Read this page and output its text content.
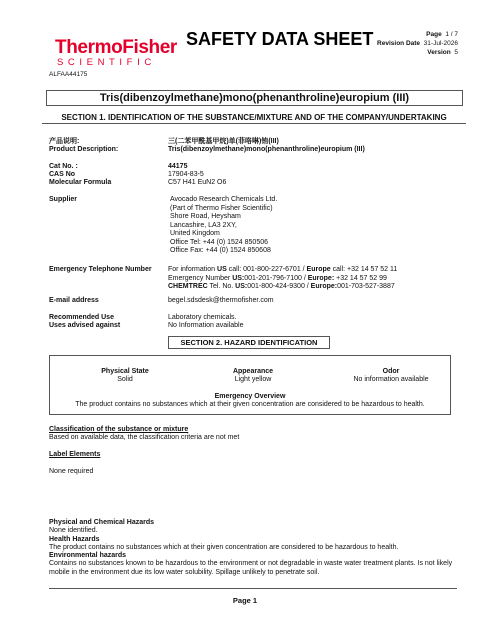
ThermoFisher
SCIENTIFIC
SAFETY DATA SHEET	Page 1 / 7
Revision Date 31-Jul-2026
Version 5
ALFAA44175
Tris(dibenzoylmethane)mono(phenanthroline)europium (III)
SECTION 1. IDENTIFICATION OF THE SUBSTANCE/MIXTURE AND OF THE COMPANY/UNDERTAKING
产品说明:	三(二苯甲酰基甲烷)单(菲咯啉)铕(III)
Product Description:	Tris(dibenzoylmethane)mono(phenanthroline)europium (III)
Cat No. :	44175
CAS No	17904-83-5
Molecular Formula	C57 H41 EuN2 O6
Supplier	Avocado Research Chemicals Ltd.
(Part of Thermo Fisher Scientific)
Shore Road, Heysham
Lancashire, LA3 2XY,
United Kingdom
Office Tel: +44 (0) 1524 850506
Office Fax: +44 (0) 1524 850608
Emergency Telephone Number For information US call: 001-800-227-6701 / Europe call: +32 14 57 52 11
Emergency Number US:001-201-796-7100 / Europe: +32 14 57 52 99
CHEMTREC Tel. No. US:001-800-424-9300 / Europe:001-703-527-3887
E-mail address	begel.sdsdesk@thermofisher.com
Recommended Use	Laboratory chemicals.
Uses advised against	No Information available
SECTION 2. HAZARD IDENTIFICATION
Physical State
Solid
Appearance
Light yellow
Odor
No information available
Emergency Overview
The product contains no substances which at their given concentration are considered to be hazardous to health.
Classification of the substance or mixture
Based on available data, the classification criteria are not met
Label Elements
None required
Physical and Chemical Hazards
None identified.
Health Hazards
The product contains no substances which at their given concentration are considered to be hazardous to health.
Environmental hazards
Contains no substances known to be hazardous to the environment or not degradable in waste water treatment plants. Is not likely mobile in the environment due its low water solubility. Spillage unlikely to penetrate soil.
Page 1
